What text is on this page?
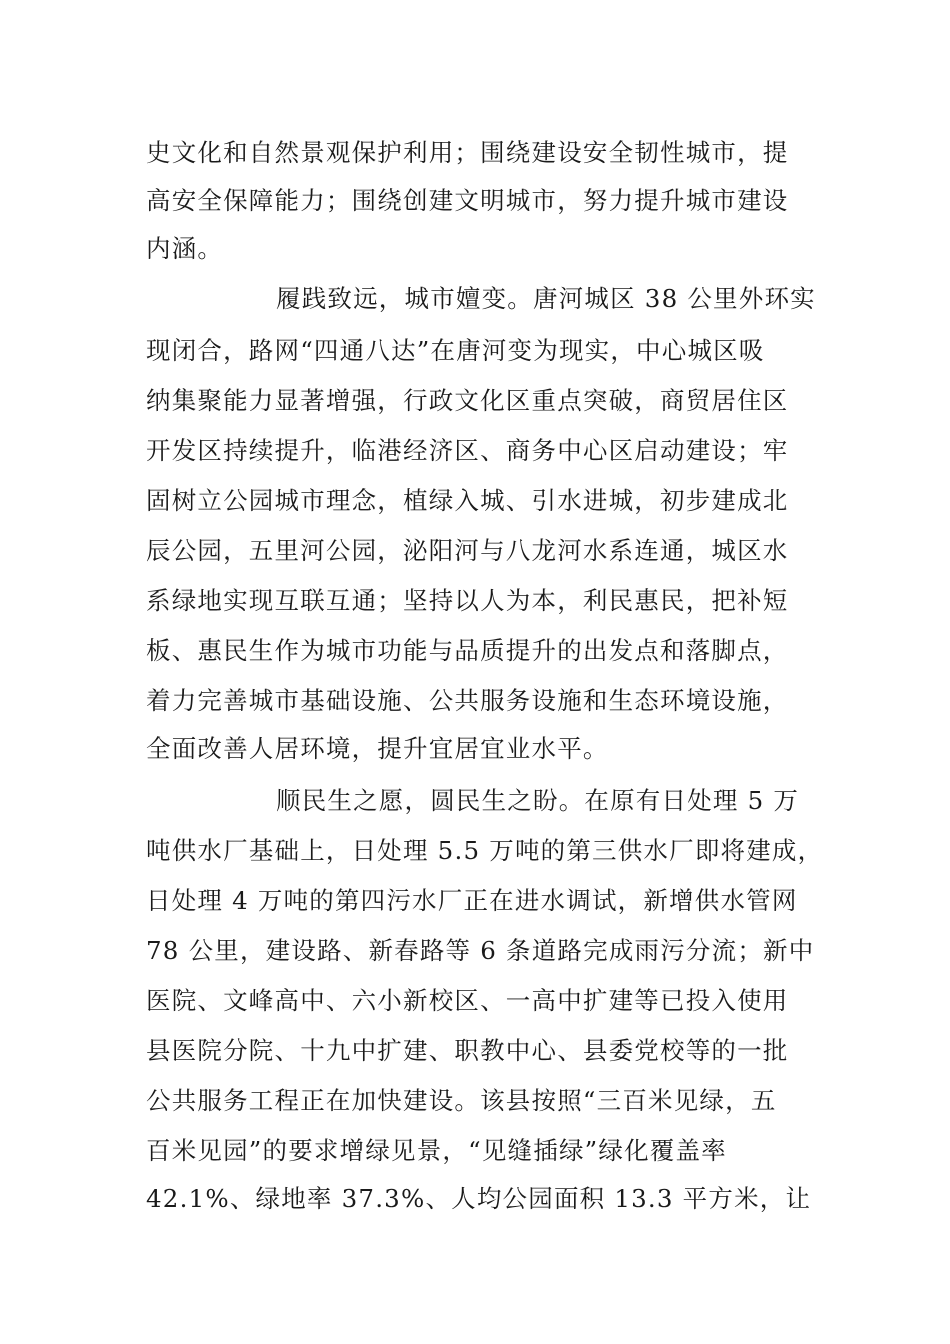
史文化和自然景观保护利用；围绕建设安全韧性城市，提
高安全保障能力；围绕创建文明城市，努力提升城市建设
内涵。
履践致远，城市嬗变。唐河城区 38 公里外环实
现闭合，路网“四通八达”在唐河变为现实，中心城区吸
纳集聚能力显著增强，行政文化区重点突破，商贸居住区
开发区持续提升，临港经济区、商务中心区启动建设；牢
固树立公园城市理念，植绿入城、引水进城，初步建成北
辰公园，五里河公园，泌阳河与八龙河水系连通，城区水
系绿地实现互联互通；坚持以人为本，利民惠民，把补短
板、惠民生作为城市功能与品质提升的出发点和落脚点，
着力完善城市基础设施、公共服务设施和生态环境设施，
全面改善人居环境，提升宜居宜业水平。
顺民生之愿，圆民生之盼。在原有日处理 5 万
吨供水厂基础上，日处理 5.5 万吨的第三供水厂即将建成，
日处理 4 万吨的第四污水厂正在进水调试，新增供水管网
78 公里，建设路、新春路等 6 条道路完成雨污分流；新中
医院、文峰高中、六小新校区、一高中扩建等已投入使用
县医院分院、十九中扩建、职教中心、县委党校等的一批
公共服务工程正在加快建设。该县按照“三百米见绿，五
百米见园”的要求增绿见景，“见缝插绿”绿化覆盖率
42.1%、绿地率 37.3%、人均公园面积 13.3 平方米，让
